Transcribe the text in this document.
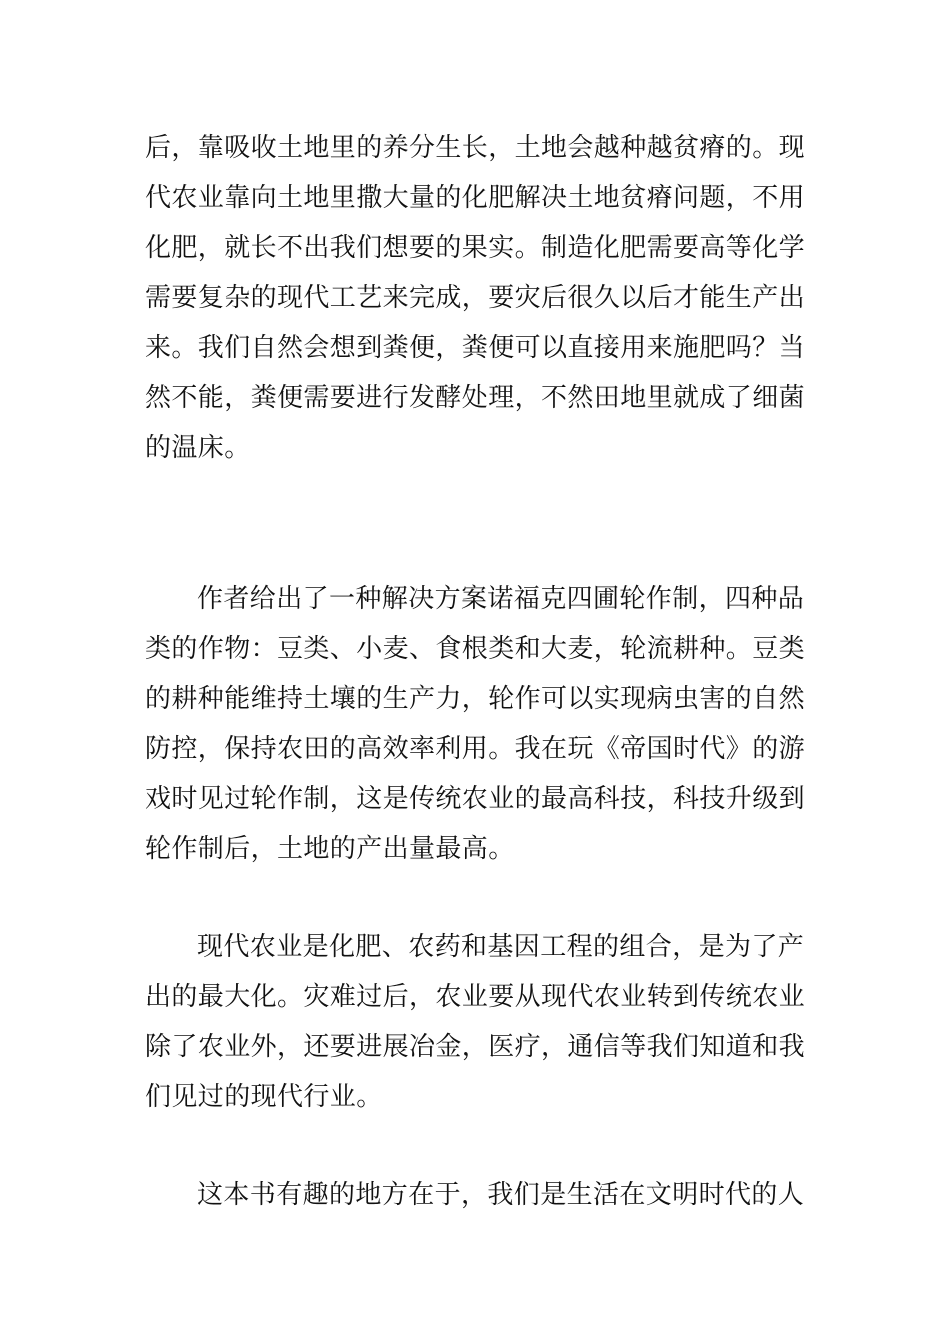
后，靠吸收土地里的养分生长，土地会越种越贫瘠的。现
代农业靠向土地里撒大量的化肥解决土地贫瘠问题，不用
化肥，就长不出我们想要的果实。制造化肥需要高等化学
需要复杂的现代工艺来完成，要灾后很久以后才能生产出
来。我们自然会想到粪便，粪便可以直接用来施肥吗？当
然不能，粪便需要进行发酵处理，不然田地里就成了细菌
的温床。
作者给出了一种解决方案诺福克四圃轮作制，四种品
类的作物：豆类、小麦、食根类和大麦，轮流耕种。豆类
的耕种能维持土壤的生产力，轮作可以实现病虫害的自然
防控，保持农田的高效率利用。我在玩《帝国时代》的游
戏时见过轮作制，这是传统农业的最高科技，科技升级到
轮作制后，土地的产出量最高。
现代农业是化肥、农药和基因工程的组合，是为了产
出的最大化。灾难过后，农业要从现代农业转到传统农业
除了农业外，还要进展冶金，医疗，通信等我们知道和我
们见过的现代行业。
这本书有趣的地方在于，我们是生活在文明时代的人
